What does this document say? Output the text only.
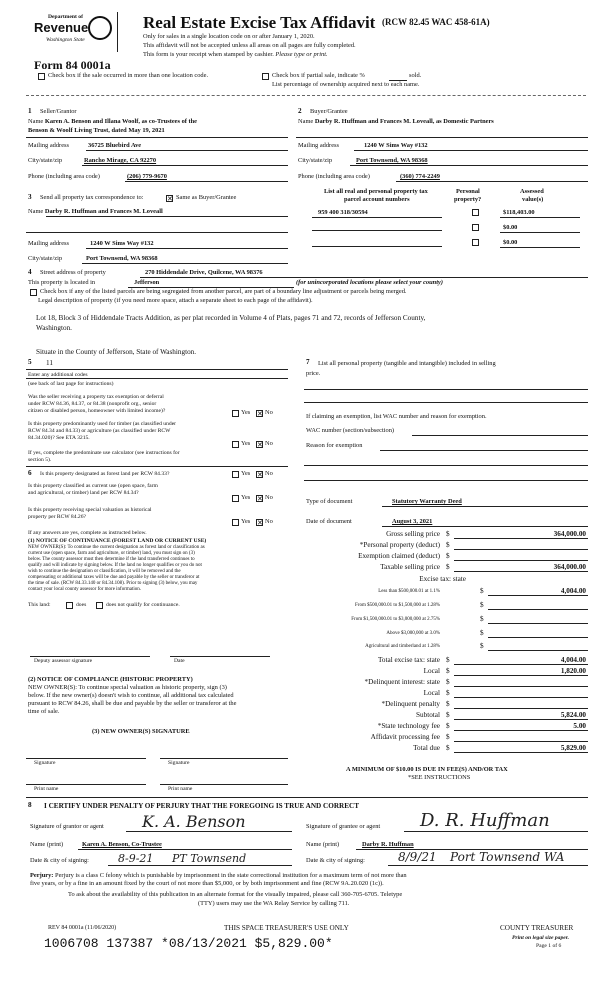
Department of
Revenue
Washington State
Real Estate Excise Tax Affidavit (RCW 82.45 WAC 458-61A)
Only for sales in a single location code on or after January 1, 2020.
This affidavit will not be accepted unless all areas on all pages are fully completed.
This form is your receipt when stamped by cashier. Please type or print.
Form 84 0001a
Check box if the sale occurred in more than one location code.	Check box if partial sale, indicate %	sold.
List percentage of ownership acquired next to each name.
1 Seller/Grantor
Name Karen A. Benson and Illana Woolf, as co-Trustees of the
Benson & Woolf Living Trust, dated May 19, 2021
Mailing address	36725 Bluebird Ave
City/state/zip	Rancho Mirage, CA 92270
Phone (including area code)	(206) 779-9670
2 Buyer/Grantee
Name Darby R. Huffman and Frances M. Loveall, as Domestic Partners
Mailing address	1240 W Sims Way #132
City/state/zip	Port Townsend, WA 98368
Phone (including area code)	(360) 774-2249
3 Send all property tax correspondence to:	✕ Same as Buyer/Grantee
Name Darby R. Huffman and Frances M. Loveall
Mailing address	1240 W Sims Way #132
City/state/zip	Port Townsend, WA 98368
List all real and personal property tax
parcel account numbers
Personal
property?
Assessed
value(s)
959 400 318/30594	$118,403.00
$0.00
$0.00
4 Street address of property	270 Hiddendale Drive, Quilcene, WA 98376
This property is located in	Jefferson	(for unincorporated locations please select your county)
Check box if any of the listed parcels are being segregated from another parcel, are part of a boundary line adjustment or parcels being merged.
Legal description of property (if you need more space, attach a separate sheet to each page of the affidavit).
Lot 18, Block 3 of Hiddendale Tracts Addition, as per plat recorded in Volume 4 of Plats, pages 71 and 72, records of Jefferson County,
Washington.
Situate in the County of Jefferson, State of Washington.
5 11
Enter any additional codes
(see back of last page for instructions)
Was the seller receiving a property tax exemption or deferral
under RCW 84.36, 84.37, or 84.38 (nonprofit org., senior
citizen or disabled person, homeowner with limited income)?	Yes ✕ No
Is this property predominantly used for timber (as classified under
RCW 84.34 and 84.33) or agriculture (as classified under RCW
84.34.020)? See ETA 3215.
Yes ✕ No
If yes, complete the predominate use calculator (see instructions for
section 5).
6 Is this property designated as forest land per RCW 84.33?	Yes ✕ No
Is this property classified as current use (open space, farm
and agricultural, or timber) land per RCW 84.34?
Yes ✕ No
Is this property receiving special valuation as historical
property per RCW 84.26?
Yes ✕ No
If any answers are yes, complete as instructed below.
(1) NOTICE OF CONTINUANCE (FOREST LAND OR CURRENT USE)
NEW OWNER(S): To continue the current designation as forest land or classification as
current use (open space, farm and agriculture, or timber) land, you must sign on (3)
below. The county assessor must then determine if the land transferred continues to
qualify and will indicate by signing below. If the land no longer qualifies or you do not
wish to continue the designation or classification, it will be removed and the
compensating or additional taxes will be due and payable by the seller or transferor at
the time of sale. (RCW 84.33.140 or 84.34.108). Prior to signing (3) below, you may
contact your local county assessor for more information.
This land:	does	does not qualify for continuance.
Deputy assessor signature	Date
(2) NOTICE OF COMPLIANCE (HISTORIC PROPERTY)
NEW OWNER(S): To continue special valuation as historic property, sign (3)
below. If the new owner(s) doesn't wish to continue, all additional tax calculated
pursuant to RCW 84.26, shall be due and payable by the seller or transferor at the
time of sale.
(3) NEW OWNER(S) SIGNATURE
Signature	Signature
Print name	Print name
7 List all personal property (tangible and intangible) included in selling
price.
If claiming an exemption, list WAC number and reason for exemption.
WAC number (section/subsection)
Reason for exemption
Type of document	Statutory Warranty Deed
Date of document	August 3, 2021
Gross selling price $	364,000.00
*Personal property (deduct) $
Exemption claimed (deduct) $
Taxable selling price $	364,000.00
Excise tax: state
Less than $500,000.01 at 1.1%	$	4,004.00
From $500,000.01 to $1,500,000 at 1.28%	$
From $1,500,000.01 to $3,000,000 at 2.75%	$
Above $3,000,000 at 3.0%	$
Agricultural and timberland at 1.28%	$
Total excise tax: state $	4,004.00
Local $	1,820.00
*Delinquent interest: state $
Local $
*Delinquent penalty $
Subtotal $	5,824.00
*State technology fee $	5.00
Affidavit processing fee $
Total due $	5,829.00
A MINIMUM OF $10.00 IS DUE IN FEE(S) AND/OR TAX
*SEE INSTRUCTIONS
8 I CERTIFY UNDER PENALTY OF PERJURY THAT THE FOREGOING IS TRUE AND CORRECT
Signature of grantor or agent K. A. Benson	Signature of grantee or agent D. R. Huffman
Name (print)	Karen A. Benson, Co-Trustee	Name (print)	Darby R. Huffman
Date & city of signing:	8-9-21 PT Townsend	Date & city of signing:	8/9/21 Port Townsend WA
Perjury: Perjury is a class C felony which is punishable by imprisonment in the state correctional institution for a maximum term of not more than
five years, or by a fine in an amount fixed by the court of not more than $5,000, or by both imprisonment and fine (RCW 9A.20.020 (1c)).
To ask about the availability of this publication in an alternate format for the visually impaired, please call 360-705-6705. Teletype
(TTY) users may use the WA Relay Service by calling 711.
REV 84 0001a (11/06/2020)	THIS SPACE TREASURER'S USE ONLY	COUNTY TREASURER
Print on legal size paper.
Page 1 of 6
1006708 137387 *08/13/2021 $5,829.00*
